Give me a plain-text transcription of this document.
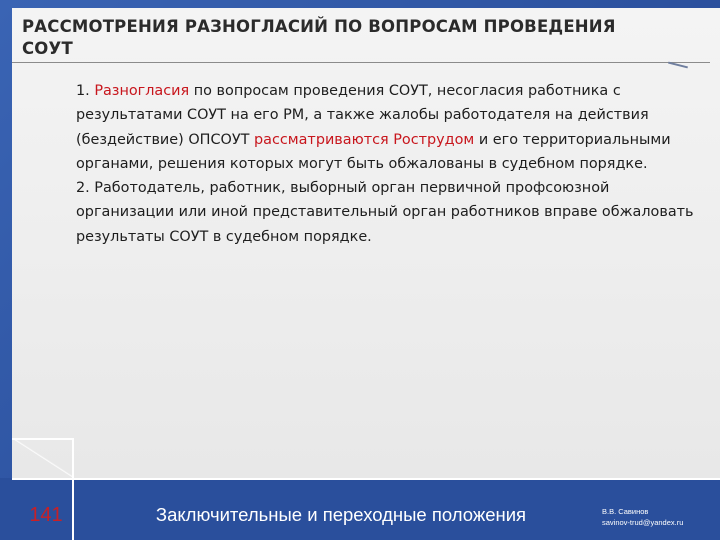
РАССМОТРЕНИЯ РАЗНОГЛАСИЙ ПО ВОПРОСАМ ПРОВЕДЕНИЯ СОУТ

1. Разногласия по вопросам проведения СОУТ, несогласия работника с результатами СОУТ на его РМ, а также жалобы работодателя на действия (бездействие) ОПСОУТ рассматриваются Рострудом и его территориальными органами, решения которых могут быть обжалованы в судебном порядке.

2. Работодатель, работник, выборный орган первичной профсоюзной организации или иной представительный орган работников вправе обжаловать результаты СОУТ в судебном порядке.

141	Заключительные и переходные положения	В.В. Савинов
savinov-trud@yandex.ru
